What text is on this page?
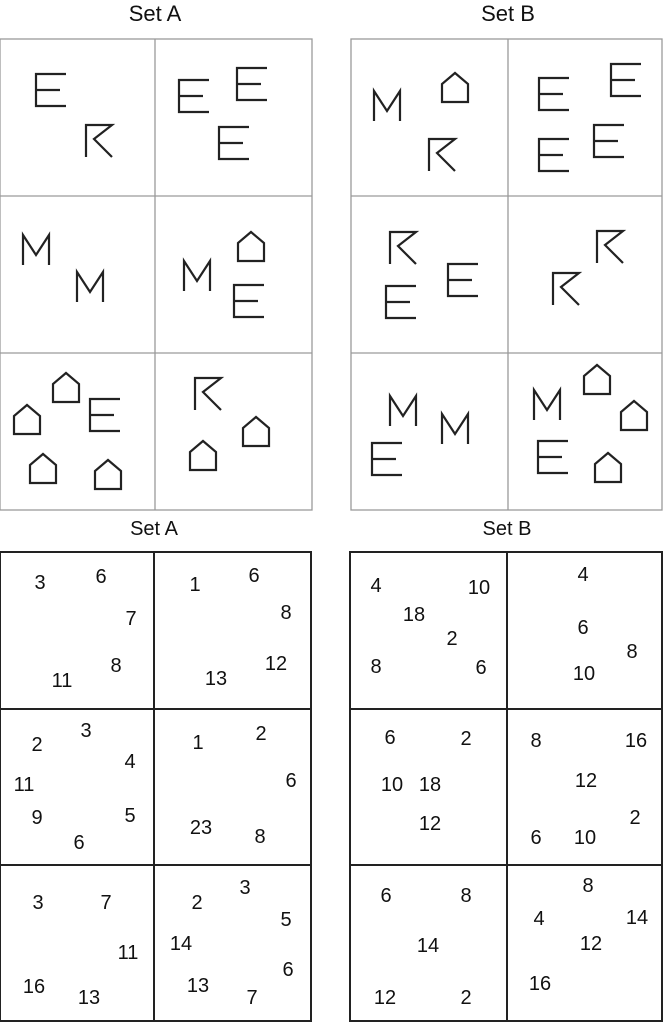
Set A	Set B
Set A	Set B
3 6
7
11
8
1 6
8
13
12
2
3
4
11
9	5
6
1	2
6
23 8
3	7
11
16 13
2
3
5
14
6
13
7
4	10
18
2
8	6
4
6
8
10
6	2
10 18
12
8	16
12
2
6 10
6	8
14
12	2
8
4	14
12
16
